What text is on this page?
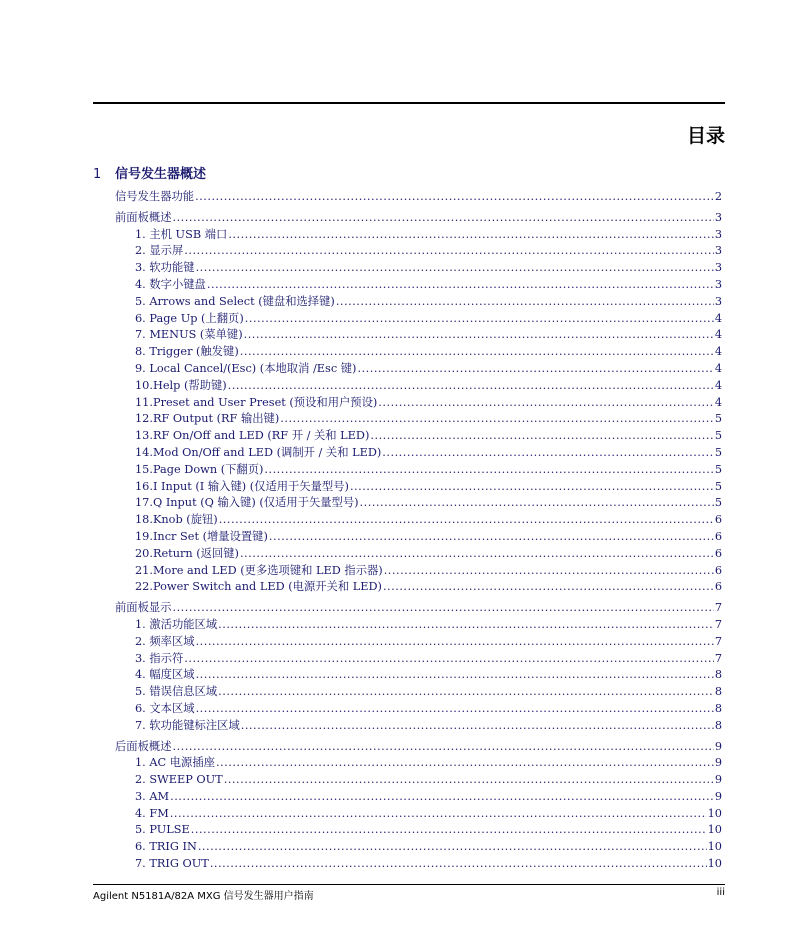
目录
1 信号发生器概述
信号发生器功能 .....	2
前面板概述 .....	3
1. 主机 USB 端口 .....	3
2. 显示屏 .....	3
3. 软功能键 .....	3
4. 数字小键盘 .....	3
5. Arrows and Select (键盘和选择键) .....	3
6. Page Up (上翻页) .....	4
7. MENUS (菜单键) .....	4
8. Trigger (触发键) .....	4
9. Local Cancel/(Esc) (本地取消 /Esc 键) .....	4
10.Help (帮助键) .....	4
11.Preset and User Preset (预设和用户预设) .....	4
12.RF Output (RF 输出键) .....	5
13.RF On/Off and LED (RF 开 / 关和 LED) .....	5
14.Mod On/Off and LED (调制开 / 关和 LED) .....	5
15.Page Down (下翻页) .....	5
16.I Input (I 输入键) (仅适用于矢量型号) .....	5
17.Q Input (Q 输入键) (仅适用于矢量型号) .....	5
18.Knob (旋钮) .....	6
19.Incr Set (增量设置键) .....	6
20.Return (返回键) .....	6
21.More and LED (更多选项键和 LED 指示器) .....	6
22.Power Switch and LED (电源开关和 LED) .....	6
前面板显示 .....	7
1. 激活功能区域 .....	7
2. 频率区域 .....	7
3. 指示符 .....	7
4. 幅度区域 .....	8
5. 错误信息区域 .....	8
6. 文本区域 .....	8
7. 软功能键标注区域 .....	8
后面板概述 .....	9
1. AC 电源插座 .....	9
2. SWEEP OUT .....	9
3. AM .....	9
4. FM .....	10
5. PULSE .....	10
6. TRIG IN .....	10
7. TRIG OUT .....	10
Agilent N5181A/82A MXG 信号发生器用户指南	iii
